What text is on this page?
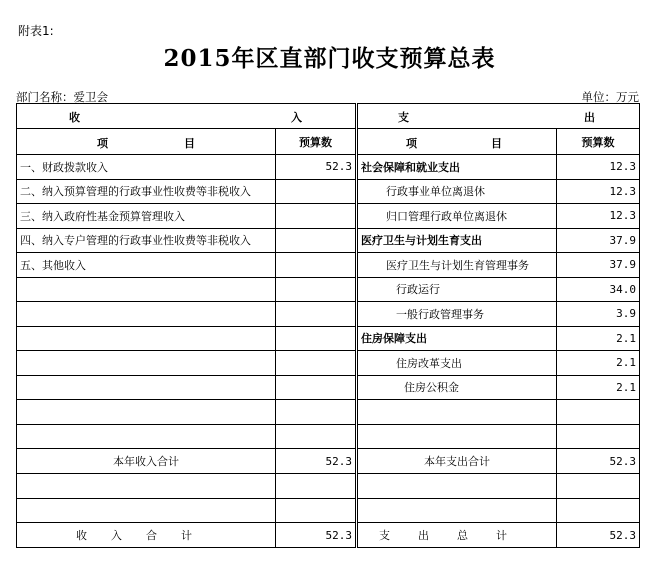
附表1:
2015年区直部门收支预算总表
部门名称：爱卫会	单位：万元
收 入			支 出	

项 目	预算数		项 目	预算数
一、财政拨款收入	52.3		社会保障和就业支出	12.3
二、纳入预算管理的行政事业性收费等非税收入			行政事业单位离退休	12.3
三、纳入政府性基金预算管理收入			归口管理行政单位离退休	12.3
四、纳入专户管理的行政事业性收费等非税收入			医疗卫生与计划生育支出	37.9
五、其他收入			医疗卫生与计划生育管理事务	37.9
			行政运行	34.0
			一般行政管理事务	3.9
			住房保障支出	2.1
			住房改革支出	2.1
			住房公积金	2.1

本年收入合计	52.3		本年支出合计	52.3

收入合计	52.3		支出总计	52.3
